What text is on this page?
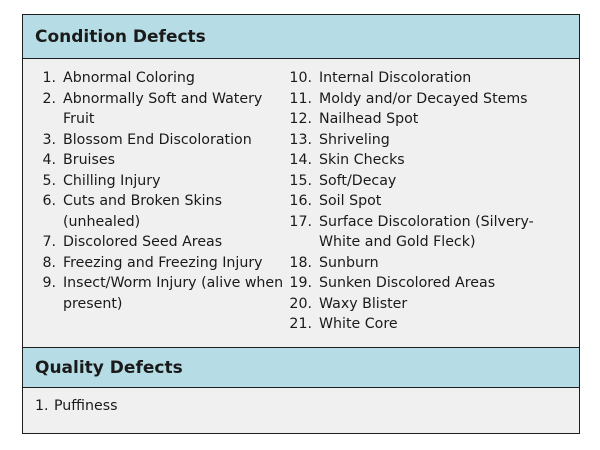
Condition Defects
1. Abnormal Coloring
2. Abnormally Soft and Watery Fruit
3. Blossom End Discoloration
4. Bruises
5. Chilling Injury
6. Cuts and Broken Skins (unhealed)
7. Discolored Seed Areas
8. Freezing and Freezing Injury
9. Insect/Worm Injury (alive when present)
10. Internal Discoloration
11. Moldy and/or Decayed Stems
12. Nailhead Spot
13. Shriveling
14. Skin Checks
15. Soft/Decay
16. Soil Spot
17. Surface Discoloration (Silvery-White and Gold Fleck)
18. Sunburn
19. Sunken Discolored Areas
20. Waxy Blister
21. White Core
Quality Defects
1. Puffiness
